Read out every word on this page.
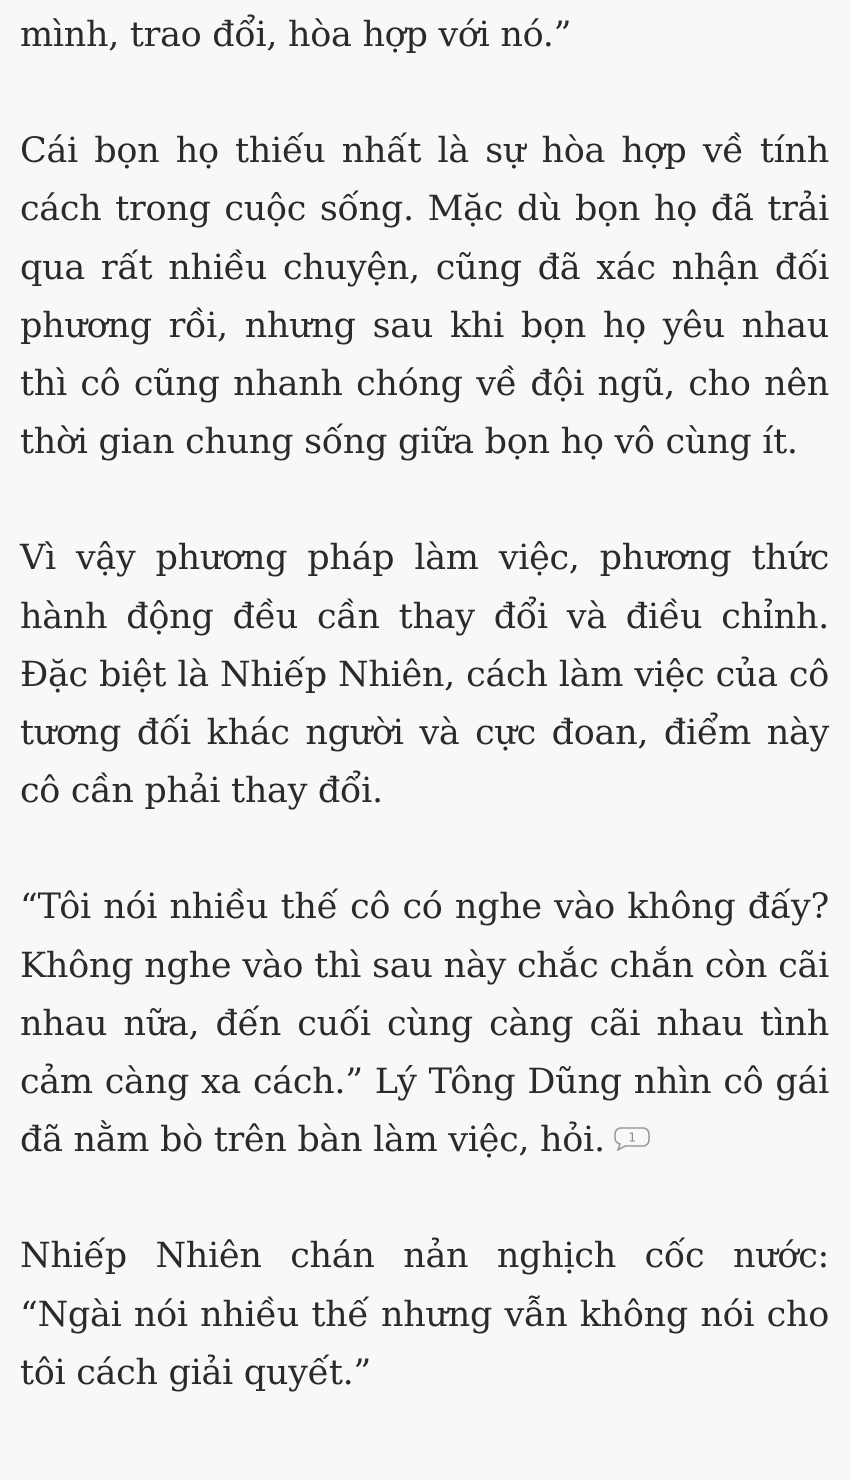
mình, trao đổi, hòa hợp với nó.”

Cái bọn họ thiếu nhất là sự hòa hợp về tính cách trong cuộc sống. Mặc dù bọn họ đã trải qua rất nhiều chuyện, cũng đã xác nhận đối phương rồi, nhưng sau khi bọn họ yêu nhau thì cô cũng nhanh chóng về đội ngũ, cho nên thời gian chung sống giữa bọn họ vô cùng ít.

Vì vậy phương pháp làm việc, phương thức hành động đều cần thay đổi và điều chỉnh. Đặc biệt là Nhiếp Nhiên, cách làm việc của cô tương đối khác người và cực đoan, điểm này cô cần phải thay đổi.

“Tôi nói nhiều thế cô có nghe vào không đấy? Không nghe vào thì sau này chắc chắn còn cãi nhau nữa, đến cuối cùng càng cãi nhau tình cảm càng xa cách.” Lý Tông Dũng nhìn cô gái đã nằm bò trên bàn làm việc, hỏi. 1

Nhiếp Nhiên chán nản nghịch cốc nước: “Ngài nói nhiều thế nhưng vẫn không nói cho tôi cách giải quyết.”
